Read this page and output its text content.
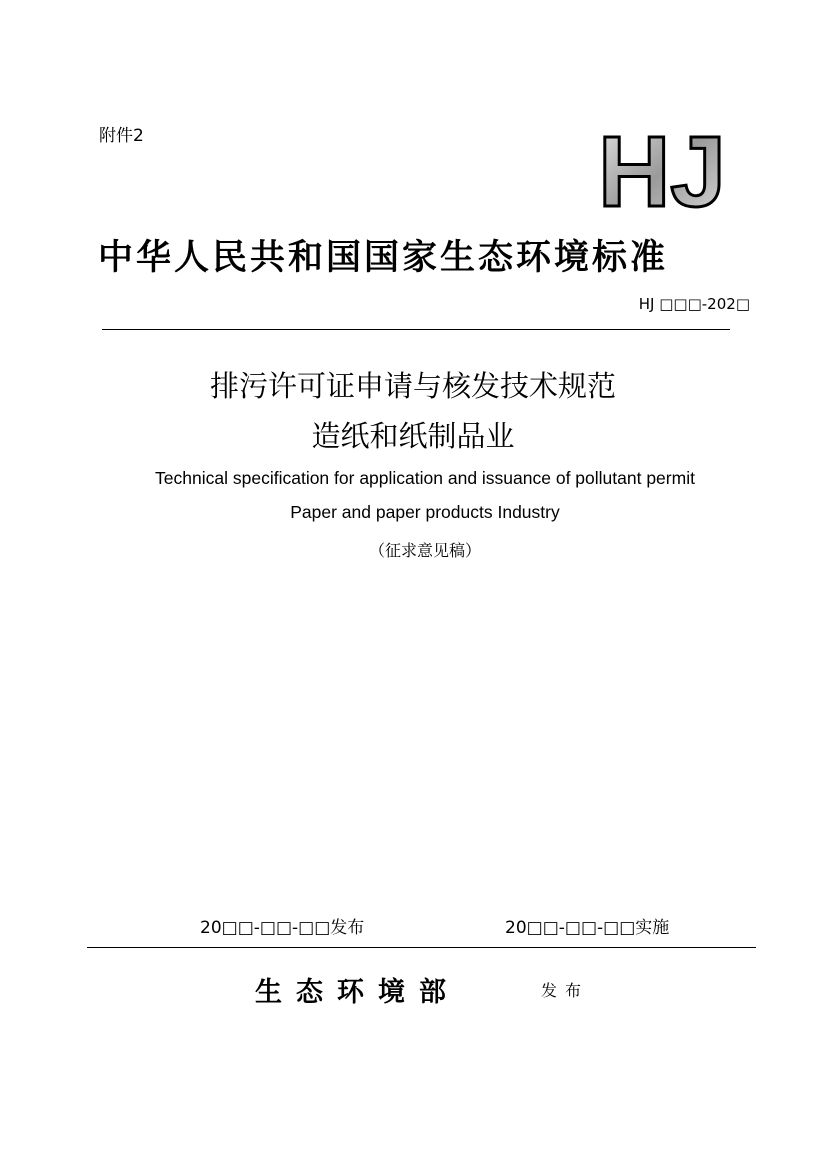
附件2	HJ
中华人民共和国国家生态环境标准
HJ □□□-202□
排污许可证申请与核发技术规范
造纸和纸制品业
Technical specification for application and issuance of pollutant permit
Paper and paper products Industry
（征求意见稿）
20□□-□□-□□发布	20□□-□□-□□实施
生态环境部	发布
